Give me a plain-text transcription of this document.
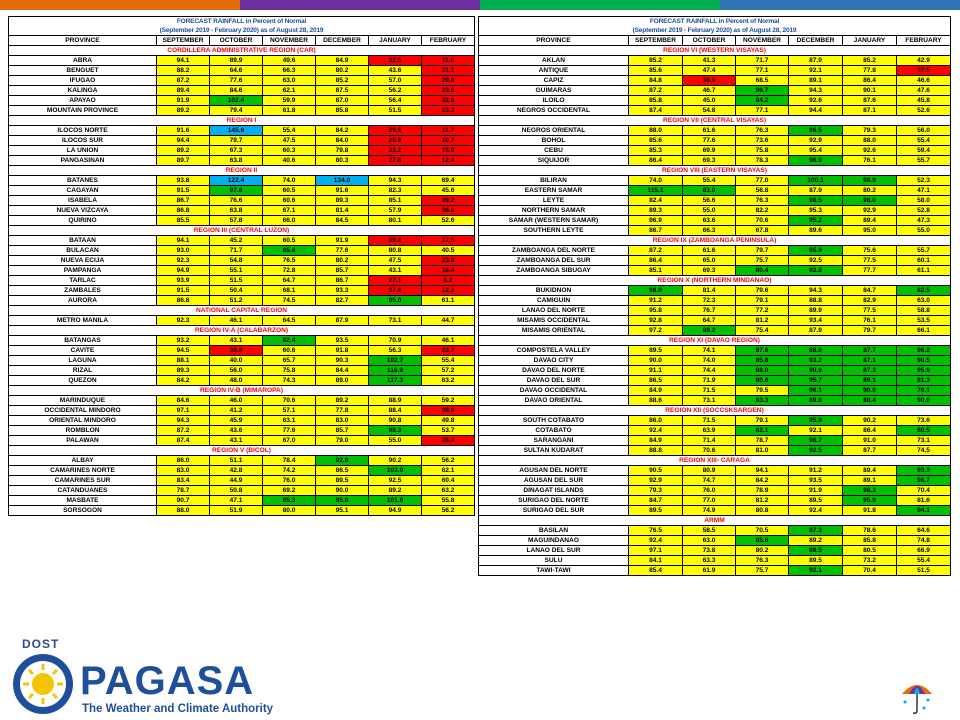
FORECAST RAINFALL in Percent of Normal
(September 2019 - February 2020) as of August 28, 2019						

PROVINCE	SEPTEMBER	OCTOBER	NOVEMBER	DECEMBER	JANUARY	FEBRUARY
CORDILLERA ADMINISTRATIVE REGION (CAR)						
ABRA	94.1	89.9	49.6	84.9	32.5	11.6
BENGUET	88.2	64.6	66.3	80.2	43.6	21.1
IFUGAO	87.2	77.6	63.0	85.2	57.0	29.0
KALINGA	89.4	84.6	62.1	87.5	56.2	23.0
APAYAO	91.9	102.4	59.9	87.0	56.4	32.6
MOUNTAIN PROVINCE	89.2	79.4	61.8	85.8	51.5	23.3
REGION I						
ILOCOS NORTE	91.6	145.6	55.4	84.2	29.5	11.7
ILOCOS SUR	94.4	79.7	47.5	84.0	25.9	10.7
LA UNION	89.2	67.3	60.3	79.8	33.2	15.9
PANGASINAN	89.7	63.8	40.6	80.3	27.8	12.4
REGION II						
BATANES	93.8	122.4	74.0	134.0	94.3	69.4
CAGAYAN	91.5	97.6	60.5	91.6	82.3	45.6
ISABELA	86.7	76.6	60.6	89.3	85.1	39.2
NUEVA VIZCAYA	86.8	63.8	67.1	81.4	57.9	36.8
QUIRINO	85.5	57.8	66.0	84.5	80.1	52.6
REGION III (CENTRAL LUZON)						
BATAAN	94.1	45.2	60.5	91.9	39.8	17.5
BULACAN	93.0	71.7	85.8	77.6	80.8	40.5
NUEVA ECIJA	92.3	54.8	76.5	80.2	47.5	23.9
PAMPANGA	94.9	55.1	72.8	85.7	43.1	18.4
TARLAC	93.9	51.5	64.7	86.7	27.1	8.2
ZAMBALES	91.5	50.4	68.1	93.3	37.6	12.2
AURORA	86.8	51.2	74.5	82.7	95.0	61.1
NATIONAL CAPITAL REGION						
METRO MANILA	92.3	46.1	64.5	87.9	73.1	44.7
REGION IV-A (CALABARZON)						
BATANGAS	93.2	43.1	82.4	93.5	70.9	46.1
CAVITE	94.5	39.9	60.6	91.8	56.3	22.7
LAGUNA	88.1	40.0	65.7	90.3	102.7	55.4
RIZAL	89.3	56.0	75.8	84.4	116.9	57.2
QUEZON	84.2	48.0	74.3	89.0	117.3	63.2
REGION IV-B (MIMAROPA)						
MARINDUQUE	84.6	46.0	70.6	89.2	88.9	59.2
OCCIDENTAL MINDORO	97.1	41.2	57.1	77.8	88.4	38.9
ORIENTAL MINDORO	94.3	45.9	63.1	83.0	90.8	49.8
ROMBLON	87.2	43.6	77.6	85.7	98.3	53.7
PALAWAN	87.4	43.1	67.0	79.0	55.0	26.4
REGION V (BICOL)						
ALBAY	86.0	51.1	78.4	92.9	90.2	56.2
CAMARINES NORTE	83.0	42.8	74.2	86.5	103.9	62.1
CAMARINES SUR	83.4	44.9	76.0	89.5	92.5	60.4
CATANDUANES	78.7	50.8	69.2	90.0	89.2	63.2
MASBATE	90.7	47.1	85.3	95.0	101.6	55.8
SORSOGON	88.0	51.9	80.0	95.1	94.9	56.2
FORECAST RAINFALL in Percent of Normal
(September 2019 - February 2020) as of August 28, 2019						

PROVINCE	SEPTEMBER	OCTOBER	NOVEMBER	DECEMBER	JANUARY	FEBRUARY
REGION VI (WESTERN VISAYAS)						
AKLAN	85.2	41.3	71.7	87.9	85.2	42.9
ANTIQUE	85.6	47.4	77.1	92.1	77.8	37.5
CAPIZ	84.8	38.6	68.5	89.1	86.4	46.6
GUIMARAS	87.2	46.7	96.7	94.3	90.1	47.6
ILOILO	85.8	45.0	84.2	92.6	87.6	45.8
NEGROS OCCIDENTAL	87.4	54.8	77.1	94.4	87.1	52.6
REGION VII (CENTRAL VISAYAS)						
NEGROS ORIENTAL	88.0	61.6	76.3	96.5	79.3	56.0
BOHOL	85.6	77.6	73.6	92.9	88.0	55.4
CEBU	85.3	69.9	75.8	95.4	92.6	59.4
SIQUIJOR	86.4	69.3	78.3	96.9	76.1	55.7
REGION VIII (EASTERN VISAYAS)						
BILIRAN	74.0	55.4	77.0	100.1	98.9	52.3
EASTERN SAMAR	115.1	83.0	56.8	87.9	80.2	47.1
LEYTE	82.4	56.6	76.3	98.5	98.0	58.0
NORTHERN SAMAR	89.3	55.0	82.2	95.3	92.9	52.8
SAMAR (WESTERN SAMAR)	96.9	63.6	70.6	95.2	89.4	47.3
SOUTHERN LEYTE	86.7	66.3	67.8	89.6	95.0	55.0
REGION IX (ZAMBOANGA PENINSULA)						
ZAMBOANGA DEL NORTE	87.2	61.6	79.7	95.9	75.6	55.7
ZAMBOANGA DEL SUR	86.4	65.0	75.7	92.5	77.5	60.1
ZAMBOANGA SIBUGAY	85.1	69.3	80.4	92.8	77.7	61.1
REGION X (NORTHERN MINDANAO)						
BUKIDNON	98.0	81.4	79.6	94.3	84.7	82.5
CAMIGUIN	91.2	72.3	79.1	88.8	82.9	63.0
LANAO DEL NORTE	95.8	76.7	77.2	89.9	77.5	58.8
MISAMIS OCCIDENTAL	92.8	64.7	81.2	93.4	76.1	53.5
MISAMIS ORIENTAL	97.2	89.2	75.4	87.9	79.7	66.1
REGION XI (DAVAO REGION)						
COMPOSTELA VALLEY	89.5	74.1	87.6	88.6	87.7	96.2
DAVAO CITY	90.0	74.0	85.8	93.2	87.1	90.5
DAVAO DEL NORTE	91.1	74.4	88.0	90.9	87.3	95.9
DAVAO DEL SUR	86.5	71.9	80.6	95.7	89.1	81.3
DAVAO OCCIDENTAL	84.9	71.5	79.5	96.1	90.8	76.1
DAVAO ORIENTAL	88.6	73.1	83.3	89.8	88.4	90.0
REGION XII (SOCCSKSARGEN)						
SOUTH COTABATO	86.0	71.5	79.1	95.9	90.2	73.6
COTABATO	92.4	63.9	82.1	92.1	86.4	80.5
SARANGANI	84.9	71.4	78.7	96.7	91.0	73.1
SULTAN KUDARAT	88.8	70.6	81.0	92.5	87.7	74.5
REGION XIII- CARAGA						
AGUSAN DEL NORTE	90.5	80.9	94.1	91.2	89.4	93.3
AGUSAN DEL SUR	92.9	74.7	84.2	93.5	89.1	96.7
DINAGAT ISLANDS	79.3	76.0	78.9	91.9	98.3	70.4
SURIGAO DEL NORTE	84.7	77.0	81.2	89.5	95.9	81.6
SURIGAO DEL SUR	89.5	74.9	80.8	92.4	91.8	94.1
ARMM						
BASILAN	76.5	58.5	70.5	87.3	78.6	64.6
MAGUINDANAO	92.4	63.0	85.6	89.2	85.8	74.8
LANAO DEL SUR	97.1	73.8	80.2	89.5	80.5	66.9
SULU	84.1	63.3	76.3	89.5	73.2	55.4
TAWI-TAWI	85.4	61.9	75.7	92.1	70.4	51.5
DOST
PAGASA
The Weather and Climate Authority
